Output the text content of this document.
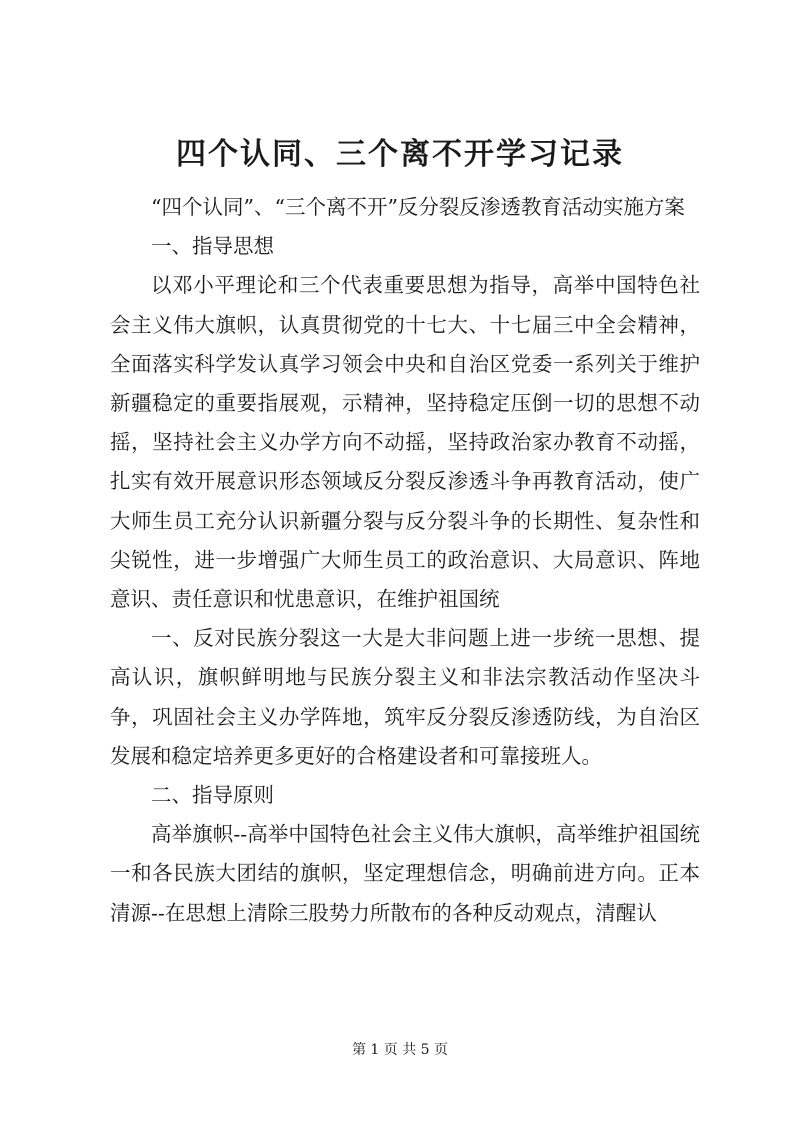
四个认同、三个离不开学习记录

“四个认同”、“三个离不开”反分裂反渗透教育活动实施方案

一、指导思想

以邓小平理论和三个代表重要思想为指导，高举中国特色社会主义伟大旗帜，认真贯彻党的十七大、十七届三中全会精神，全面落实科学发认真学习领会中央和自治区党委一系列关于维护新疆稳定的重要指展观，示精神，坚持稳定压倒一切的思想不动摇，坚持社会主义办学方向不动摇，坚持政治家办教育不动摇，扎实有效开展意识形态领域反分裂反渗透斗争再教育活动，使广大师生员工充分认识新疆分裂与反分裂斗争的长期性、复杂性和尖锐性，进一步增强广大师生员工的政治意识、大局意识、阵地意识、责任意识和忧患意识，在维护祖国统

一、反对民族分裂这一大是大非问题上进一步统一思想、提高认识，旗帜鲜明地与民族分裂主义和非法宗教活动作坚决斗争，巩固社会主义办学阵地，筑牢反分裂反渗透防线，为自治区发展和稳定培养更多更好的合格建设者和可靠接班人。

二、指导原则

高举旗帜--高举中国特色社会主义伟大旗帜，高举维护祖国统一和各民族大团结的旗帜，坚定理想信念，明确前进方向。正本清源--在思想上清除三股势力所散布的各种反动观点，清醒认

第 1 页 共 5 页
